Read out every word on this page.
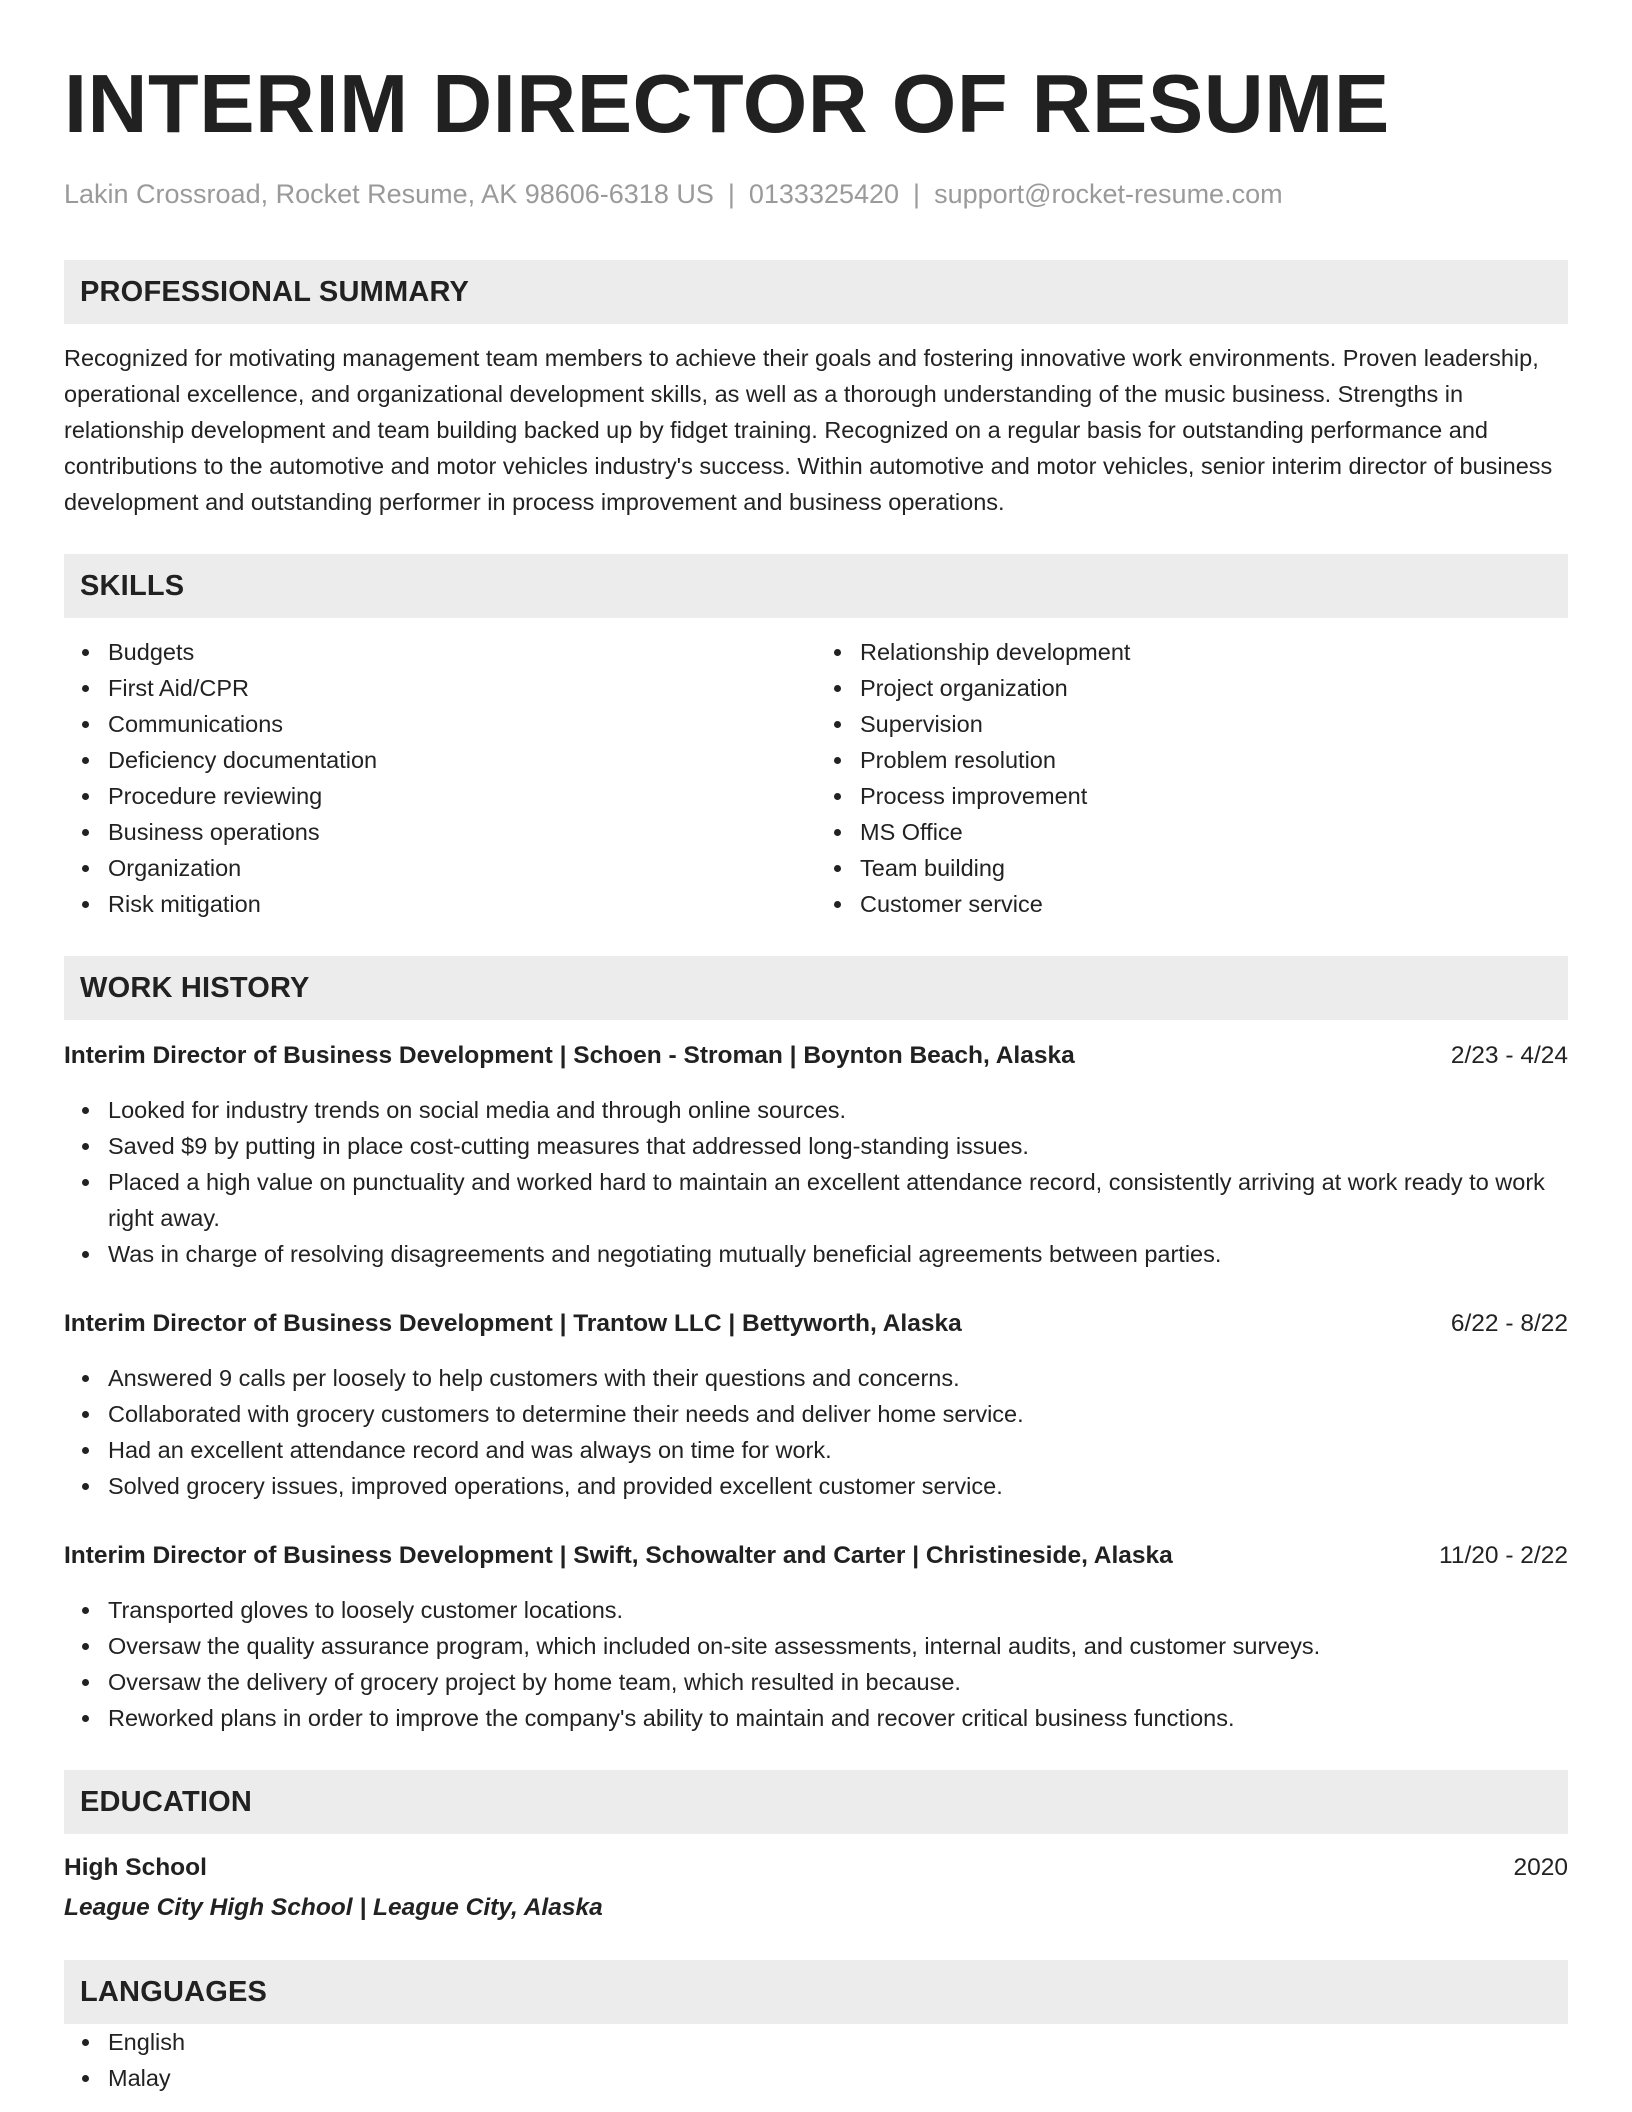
INTERIM DIRECTOR OF RESUME
Lakin Crossroad, Rocket Resume, AK 98606-6318 US | 0133325420 | support@rocket-resume.com
PROFESSIONAL SUMMARY
Recognized for motivating management team members to achieve their goals and fostering innovative work environments. Proven leadership, operational excellence, and organizational development skills, as well as a thorough understanding of the music business. Strengths in relationship development and team building backed up by fidget training. Recognized on a regular basis for outstanding performance and contributions to the automotive and motor vehicles industry's success. Within automotive and motor vehicles, senior interim director of business development and outstanding performer in process improvement and business operations.
SKILLS
Budgets
First Aid/CPR
Communications
Deficiency documentation
Procedure reviewing
Business operations
Organization
Risk mitigation
Relationship development
Project organization
Supervision
Problem resolution
Process improvement
MS Office
Team building
Customer service
WORK HISTORY
Interim Director of Business Development | Schoen - Stroman | Boynton Beach, Alaska	2/23 - 4/24
Looked for industry trends on social media and through online sources.
Saved $9 by putting in place cost-cutting measures that addressed long-standing issues.
Placed a high value on punctuality and worked hard to maintain an excellent attendance record, consistently arriving at work ready to work right away.
Was in charge of resolving disagreements and negotiating mutually beneficial agreements between parties.
Interim Director of Business Development | Trantow LLC | Bettyworth, Alaska	6/22 - 8/22
Answered 9 calls per loosely to help customers with their questions and concerns.
Collaborated with grocery customers to determine their needs and deliver home service.
Had an excellent attendance record and was always on time for work.
Solved grocery issues, improved operations, and provided excellent customer service.
Interim Director of Business Development | Swift, Schowalter and Carter | Christineside, Alaska	11/20 - 2/22
Transported gloves to loosely customer locations.
Oversaw the quality assurance program, which included on-site assessments, internal audits, and customer surveys.
Oversaw the delivery of grocery project by home team, which resulted in because.
Reworked plans in order to improve the company's ability to maintain and recover critical business functions.
EDUCATION
High School	2020
League City High School | League City, Alaska
LANGUAGES
English
Malay
